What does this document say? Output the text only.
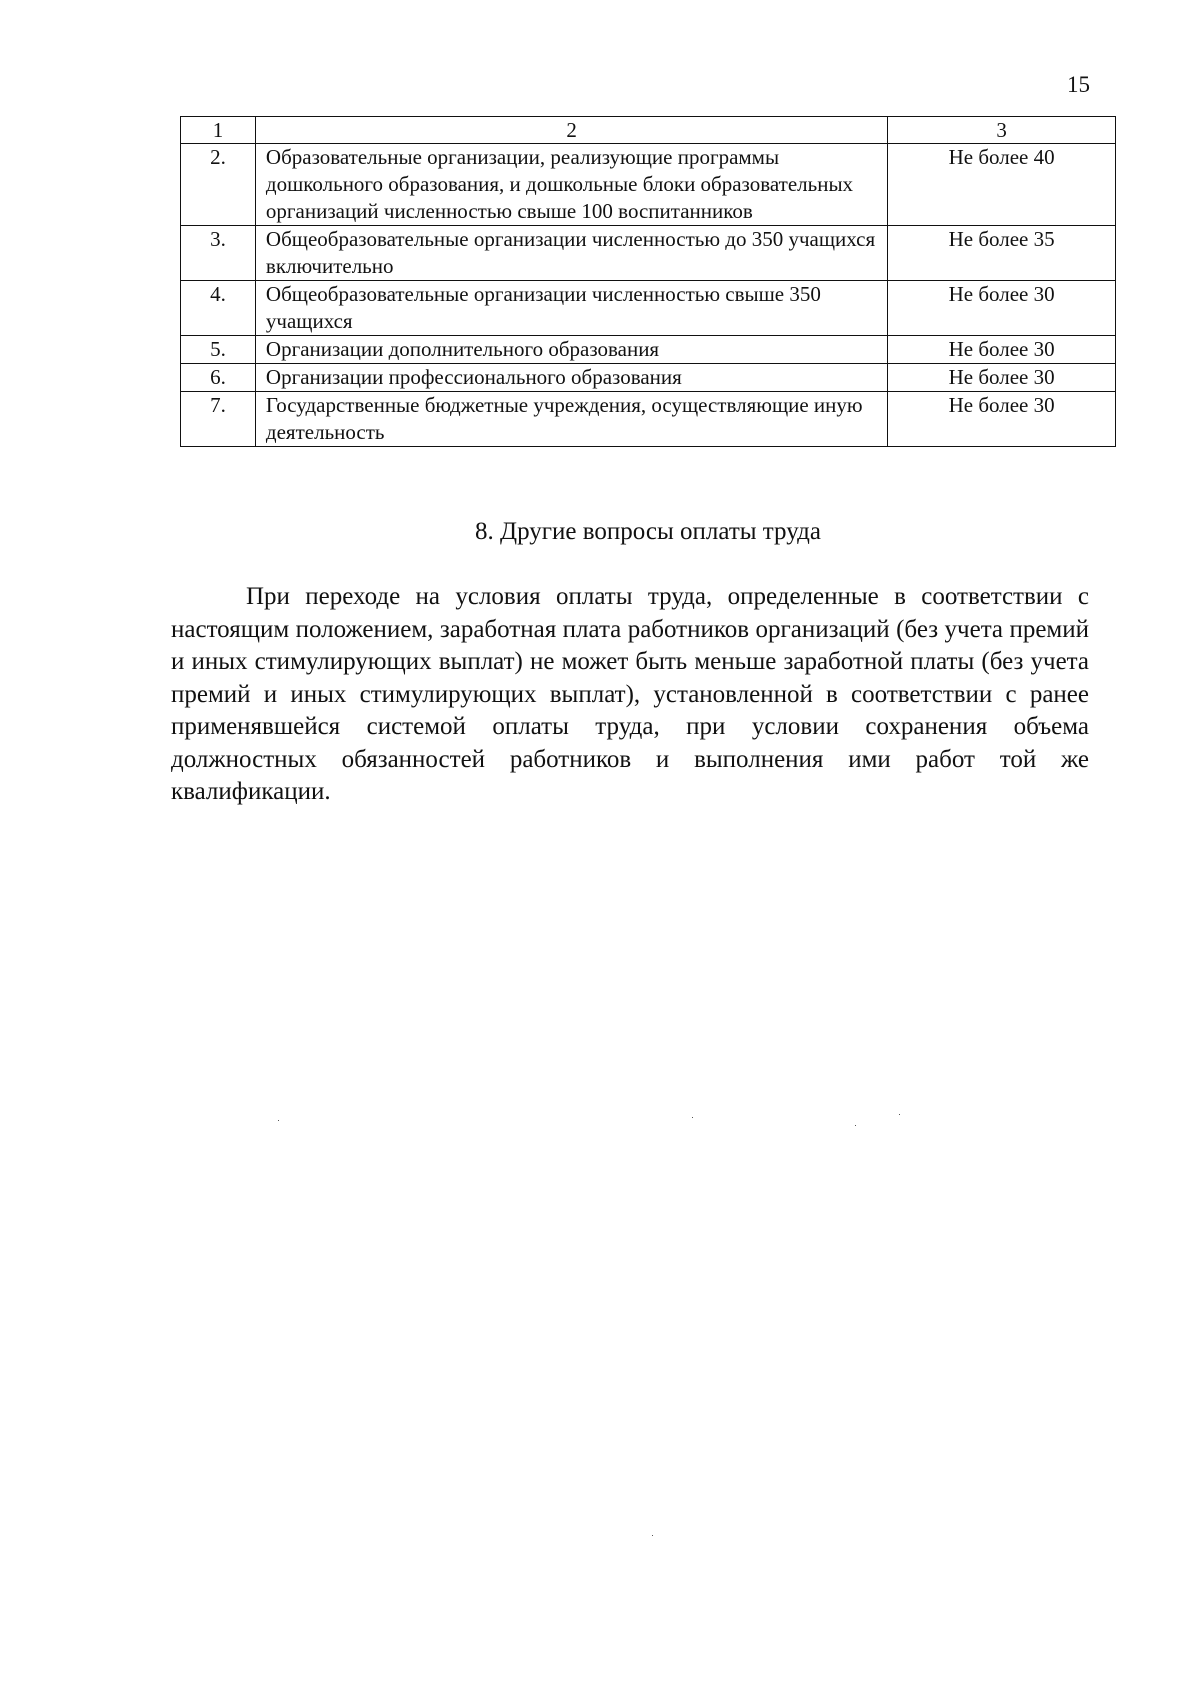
15
1	2	3
2.	Образовательные организации, реализующие программы дошкольного образования, и дошкольные блоки образовательных организаций численностью свыше 100 воспитанников	Не более 40
3.	Общеобразовательные организации численностью до 350 учащихся включительно	Не более 35
4.	Общеобразовательные организации численностью свыше 350 учащихся	Не более 30
5.	Организации дополнительного образования	Не более 30
6.	Организации профессионального образования	Не более 30
7.	Государственные бюджетные учреждения, осуществляющие иную деятельность	Не более 30
8. Другие вопросы оплаты труда

При переходе на условия оплаты труда, определенные в соответствии с настоящим положением, заработная плата работников организаций (без учета премий и иных стимулирующих выплат) не может быть меньше заработной платы (без учета премий и иных стимулирующих выплат), установленной в соответствии с ранее применявшейся системой оплаты труда, при условии сохранения объема должностных обязанностей работников и выполнения ими работ той же квалификации.
